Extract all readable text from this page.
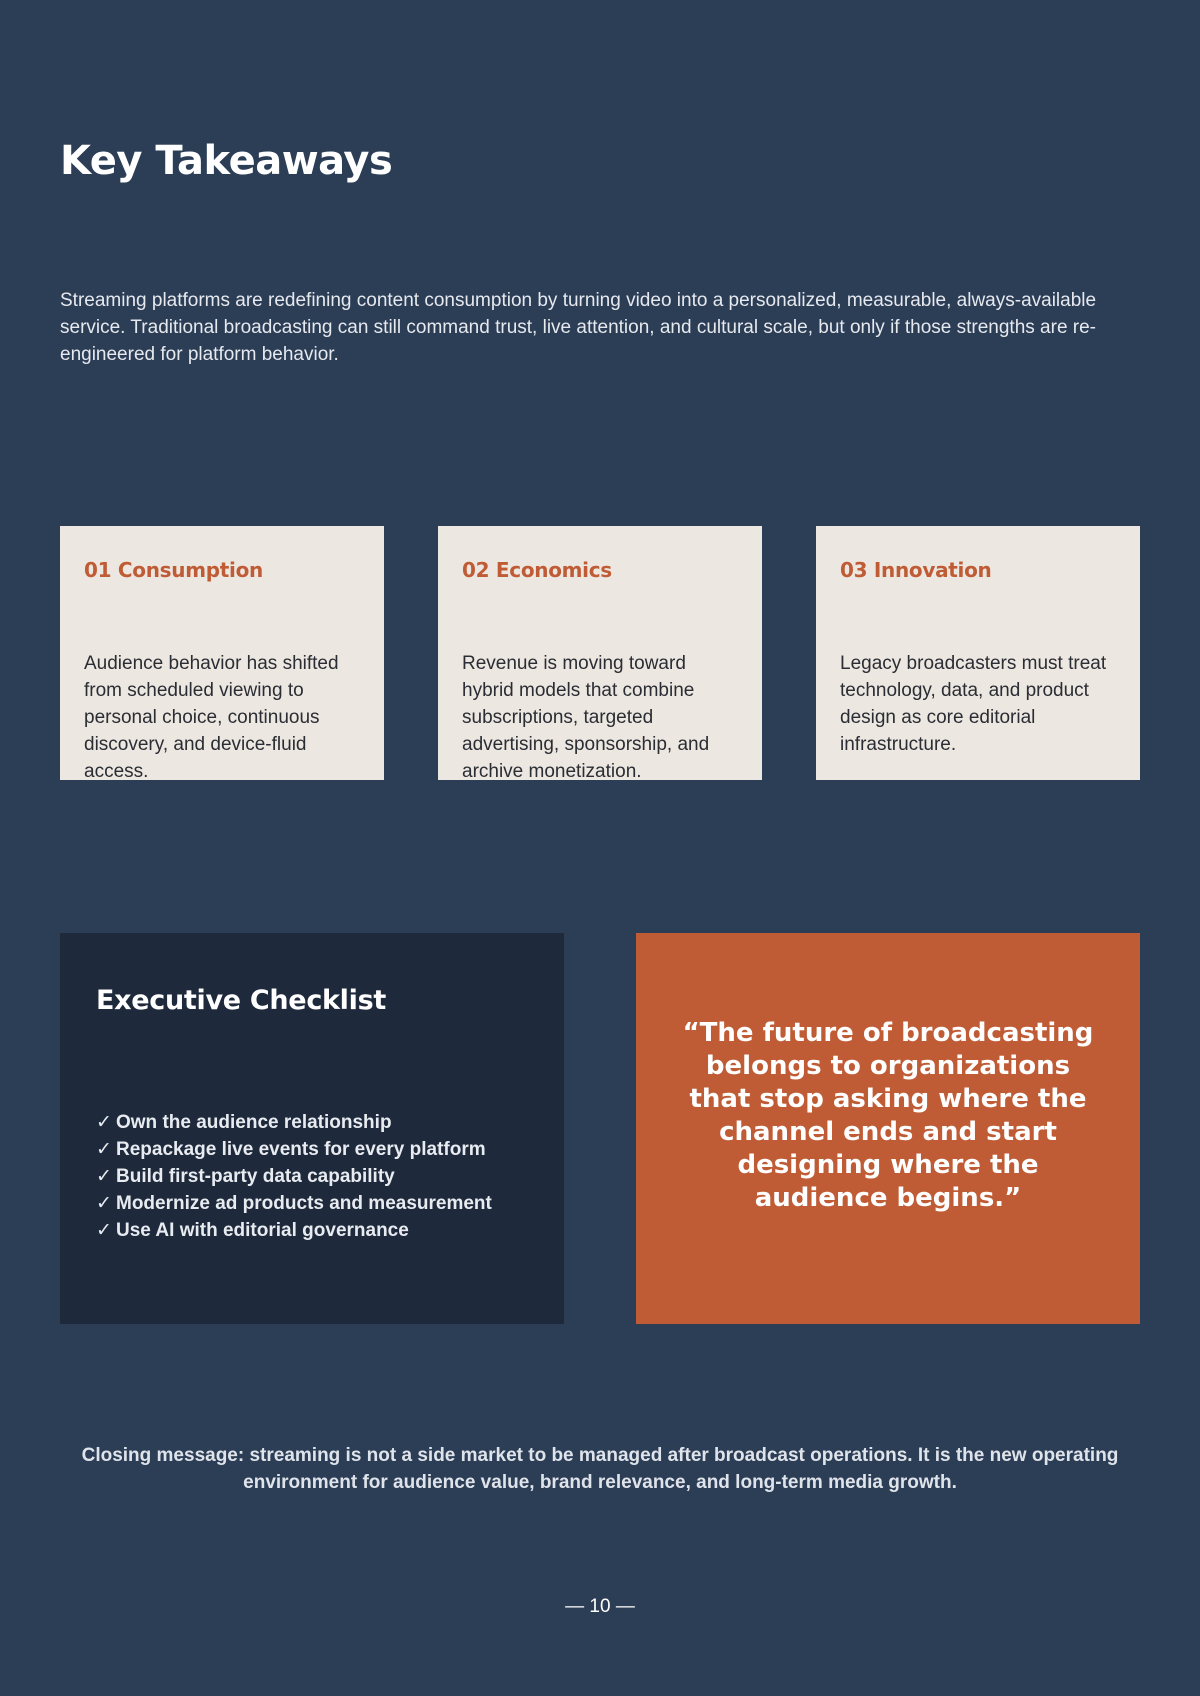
Key Takeaways

Streaming platforms are redefining content consumption by turning video into a personalized, measurable, always-available service. Traditional broadcasting can still command trust, live attention, and cultural scale, but only if those strengths are re-engineered for platform behavior.

01 Consumption

Audience behavior has shifted from scheduled viewing to personal choice, continuous discovery, and device-fluid access.

02 Economics

Revenue is moving toward hybrid models that combine subscriptions, targeted advertising, sponsorship, and archive monetization.

03 Innovation

Legacy broadcasters must treat technology, data, and product design as core editorial infrastructure.

Executive Checklist
✓ Own the audience relationship
✓ Repackage live events for every platform
✓ Build first-party data capability
✓ Modernize ad products and measurement
✓ Use AI with editorial governance

“The future of broadcasting belongs to organizations that stop asking where the channel ends and start designing where the audience begins.”

Closing message: streaming is not a side market to be managed after broadcast operations. It is the new operating environment for audience value, brand relevance, and long-term media growth.

— 10 —
